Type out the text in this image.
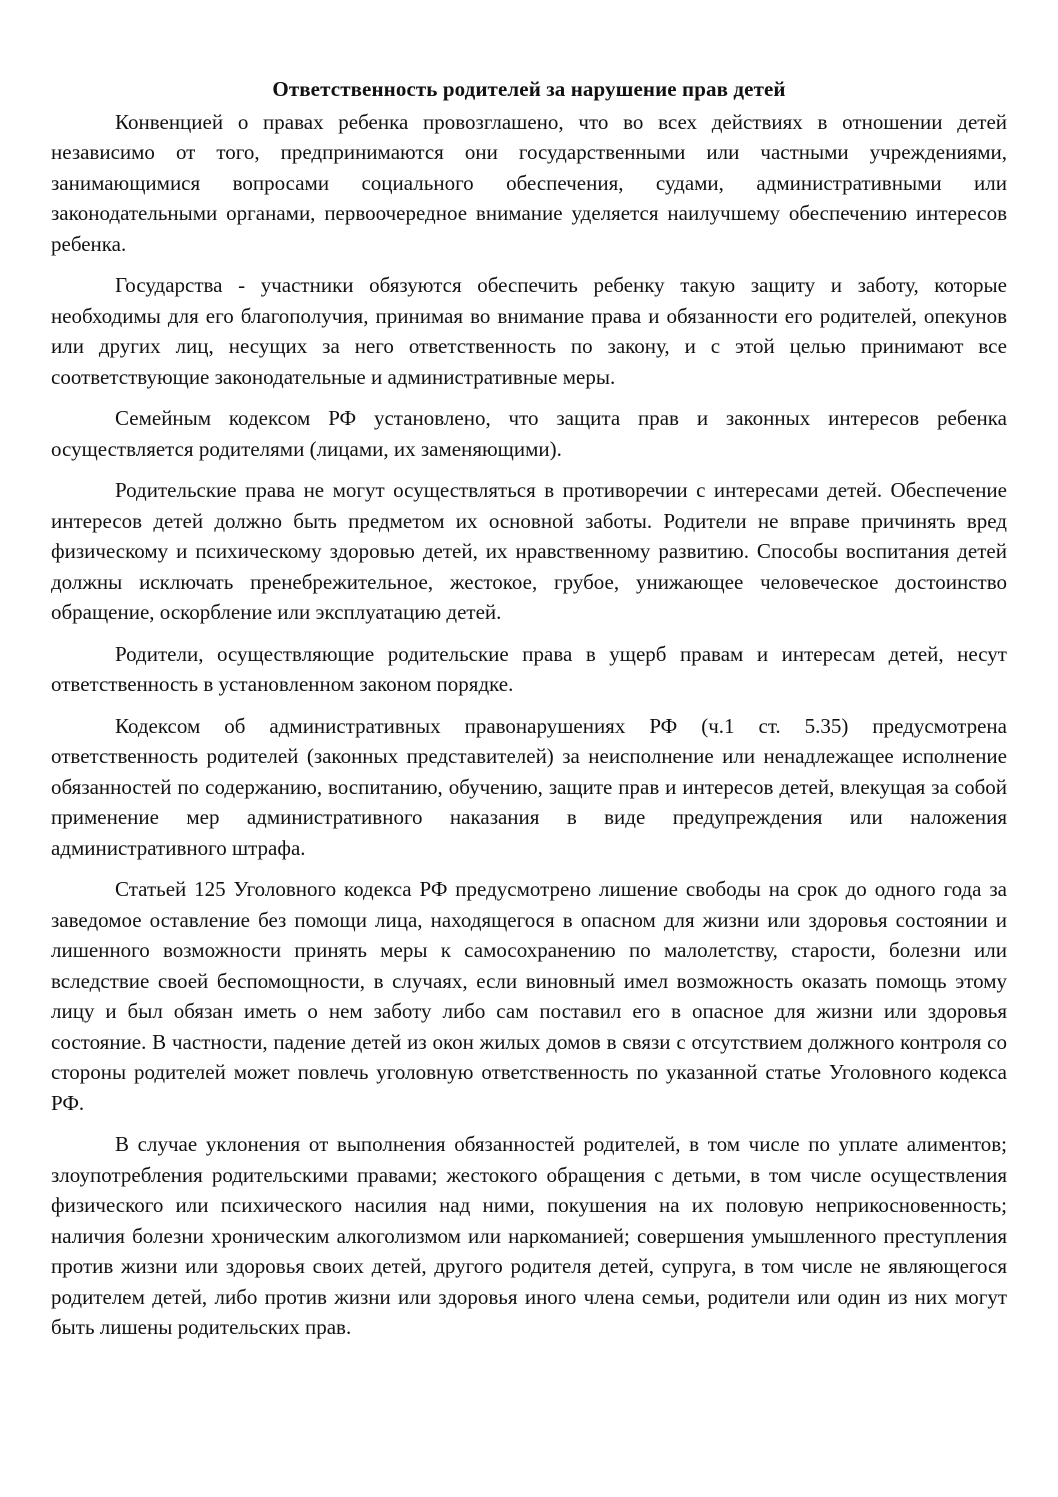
Ответственность родителей за нарушение прав детей

Конвенцией о правах ребенка провозглашено, что во всех действиях в отношении детей независимо от того, предпринимаются они государственными или частными учреждениями, занимающимися вопросами социального обеспечения, судами, административными или законодательными органами, первоочередное внимание уделяется наилучшему обеспечению интересов ребенка.

Государства - участники обязуются обеспечить ребенку такую защиту и заботу, которые необходимы для его благополучия, принимая во внимание права и обязанности его родителей, опекунов или других лиц, несущих за него ответственность по закону, и с этой целью принимают все соответствующие законодательные и административные меры.

Семейным кодексом РФ установлено, что защита прав и законных интересов ребенка осуществляется родителями (лицами, их заменяющими).

Родительские права не могут осуществляться в противоречии с интересами детей. Обеспечение интересов детей должно быть предметом их основной заботы. Родители не вправе причинять вред физическому и психическому здоровью детей, их нравственному развитию. Способы воспитания детей должны исключать пренебрежительное, жестокое, грубое, унижающее человеческое достоинство обращение, оскорбление или эксплуатацию детей.

Родители, осуществляющие родительские права в ущерб правам и интересам детей, несут ответственность в установленном законом порядке.

Кодексом об административных правонарушениях РФ (ч.1 ст. 5.35) предусмотрена ответственность родителей (законных представителей) за неисполнение или ненадлежащее исполнение обязанностей по содержанию, воспитанию, обучению, защите прав и интересов детей, влекущая за собой применение мер административного наказания в виде предупреждения или наложения административного штрафа.

Статьей 125 Уголовного кодекса РФ предусмотрено лишение свободы на срок до одного года за заведомое оставление без помощи лица, находящегося в опасном для жизни или здоровья состоянии и лишенного возможности принять меры к самосохранению по малолетству, старости, болезни или вследствие своей беспомощности, в случаях, если виновный имел возможность оказать помощь этому лицу и был обязан иметь о нем заботу либо сам поставил его в опасное для жизни или здоровья состояние. В частности, падение детей из окон жилых домов в связи с отсутствием должного контроля со стороны родителей может повлечь уголовную ответственность по указанной статье Уголовного кодекса РФ.

В случае уклонения от выполнения обязанностей родителей, в том числе по уплате алиментов; злоупотребления родительскими правами; жестокого обращения с детьми, в том числе осуществления физического или психического насилия над ними, покушения на их половую неприкосновенность; наличия болезни хроническим алкоголизмом или наркоманией; совершения умышленного преступления против жизни или здоровья своих детей, другого родителя детей, супруга, в том числе не являющегося родителем детей, либо против жизни или здоровья иного члена семьи, родители или один из них могут быть лишены родительских прав.
